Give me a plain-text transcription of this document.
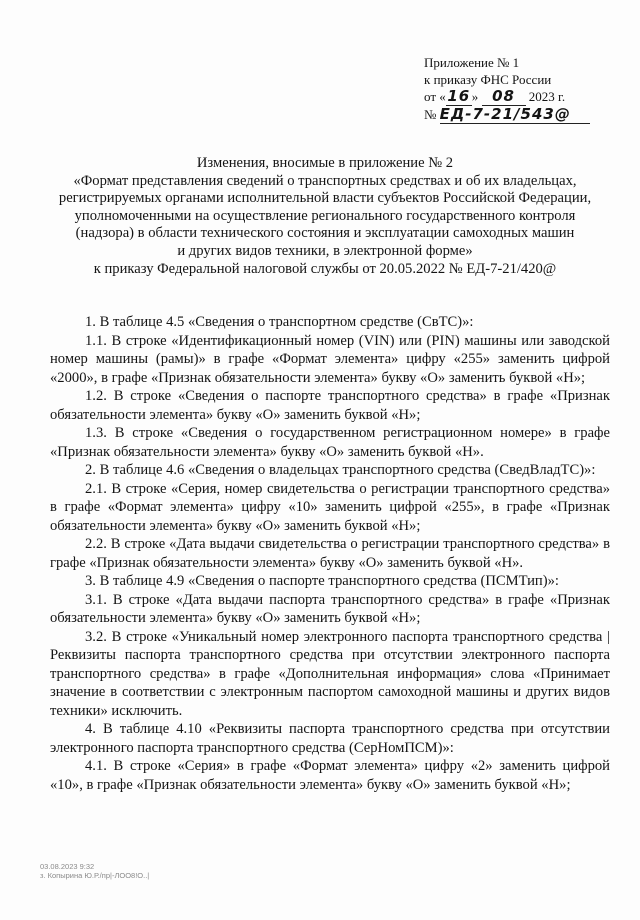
Приложение № 1
к приказу ФНС России
от « 16 » 08 2023 г.
№ ЕД-7-21/543@
Изменения, вносимые в приложение № 2
«Формат представления сведений о транспортных средствах и об их владельцах,
регистрируемых органами исполнительной власти субъектов Российской Федерации,
уполномоченными на осуществление регионального государственного контроля
(надзора) в области технического состояния и эксплуатации самоходных машин
и других видов техники, в электронной форме»
к приказу Федеральной налоговой службы от 20.05.2022 № ЕД-7-21/420@

1. В таблице 4.5 «Сведения о транспортном средстве (СвТС)»:

1.1. В строке «Идентификационный номер (VIN) или (PIN) машины или заводской номер машины (рамы)» в графе «Формат элемента» цифру «255» заменить цифрой «2000», в графе «Признак обязательности элемента» букву «О» заменить буквой «Н»;

1.2. В строке «Сведения о паспорте транспортного средства» в графе «Признак обязательности элемента» букву «О» заменить буквой «Н»;

1.3. В строке «Сведения о государственном регистрационном номере» в графе «Признак обязательности элемента» букву «О» заменить буквой «Н».

2. В таблице 4.6 «Сведения о владельцах транспортного средства (СведВладТС)»:

2.1. В строке «Серия, номер свидетельства о регистрации транспортного средства» в графе «Формат элемента» цифру «10» заменить цифрой «255», в графе «Признак обязательности элемента» букву «О» заменить буквой «Н»;

2.2. В строке «Дата выдачи свидетельства о регистрации транспортного средства» в графе «Признак обязательности элемента» букву «О» заменить буквой «Н».

3. В таблице 4.9 «Сведения о паспорте транспортного средства (ПСМТип)»:

3.1. В строке «Дата выдачи паспорта транспортного средства» в графе «Признак обязательности элемента» букву «О» заменить буквой «Н»;

3.2. В строке «Уникальный номер электронного паспорта транспортного средства | Реквизиты паспорта транспортного средства при отсутствии электронного паспорта транспортного средства» в графе «Дополнительная информация» слова «Принимает значение в соответствии с электронным паспортом самоходной машины и других видов техники» исключить.

4. В таблице 4.10 «Реквизиты паспорта транспортного средства при отсутствии электронного паспорта транспортного средства (СерНомПСМ)»:

4.1. В строке «Серия» в графе «Формат элемента» цифру «2» заменить цифрой «10», в графе «Признак обязательности элемента» букву «О» заменить буквой «Н»;

03.08.2023 9:32
з. Копырина Ю.Р./пр|-ЛОО8!О..|
